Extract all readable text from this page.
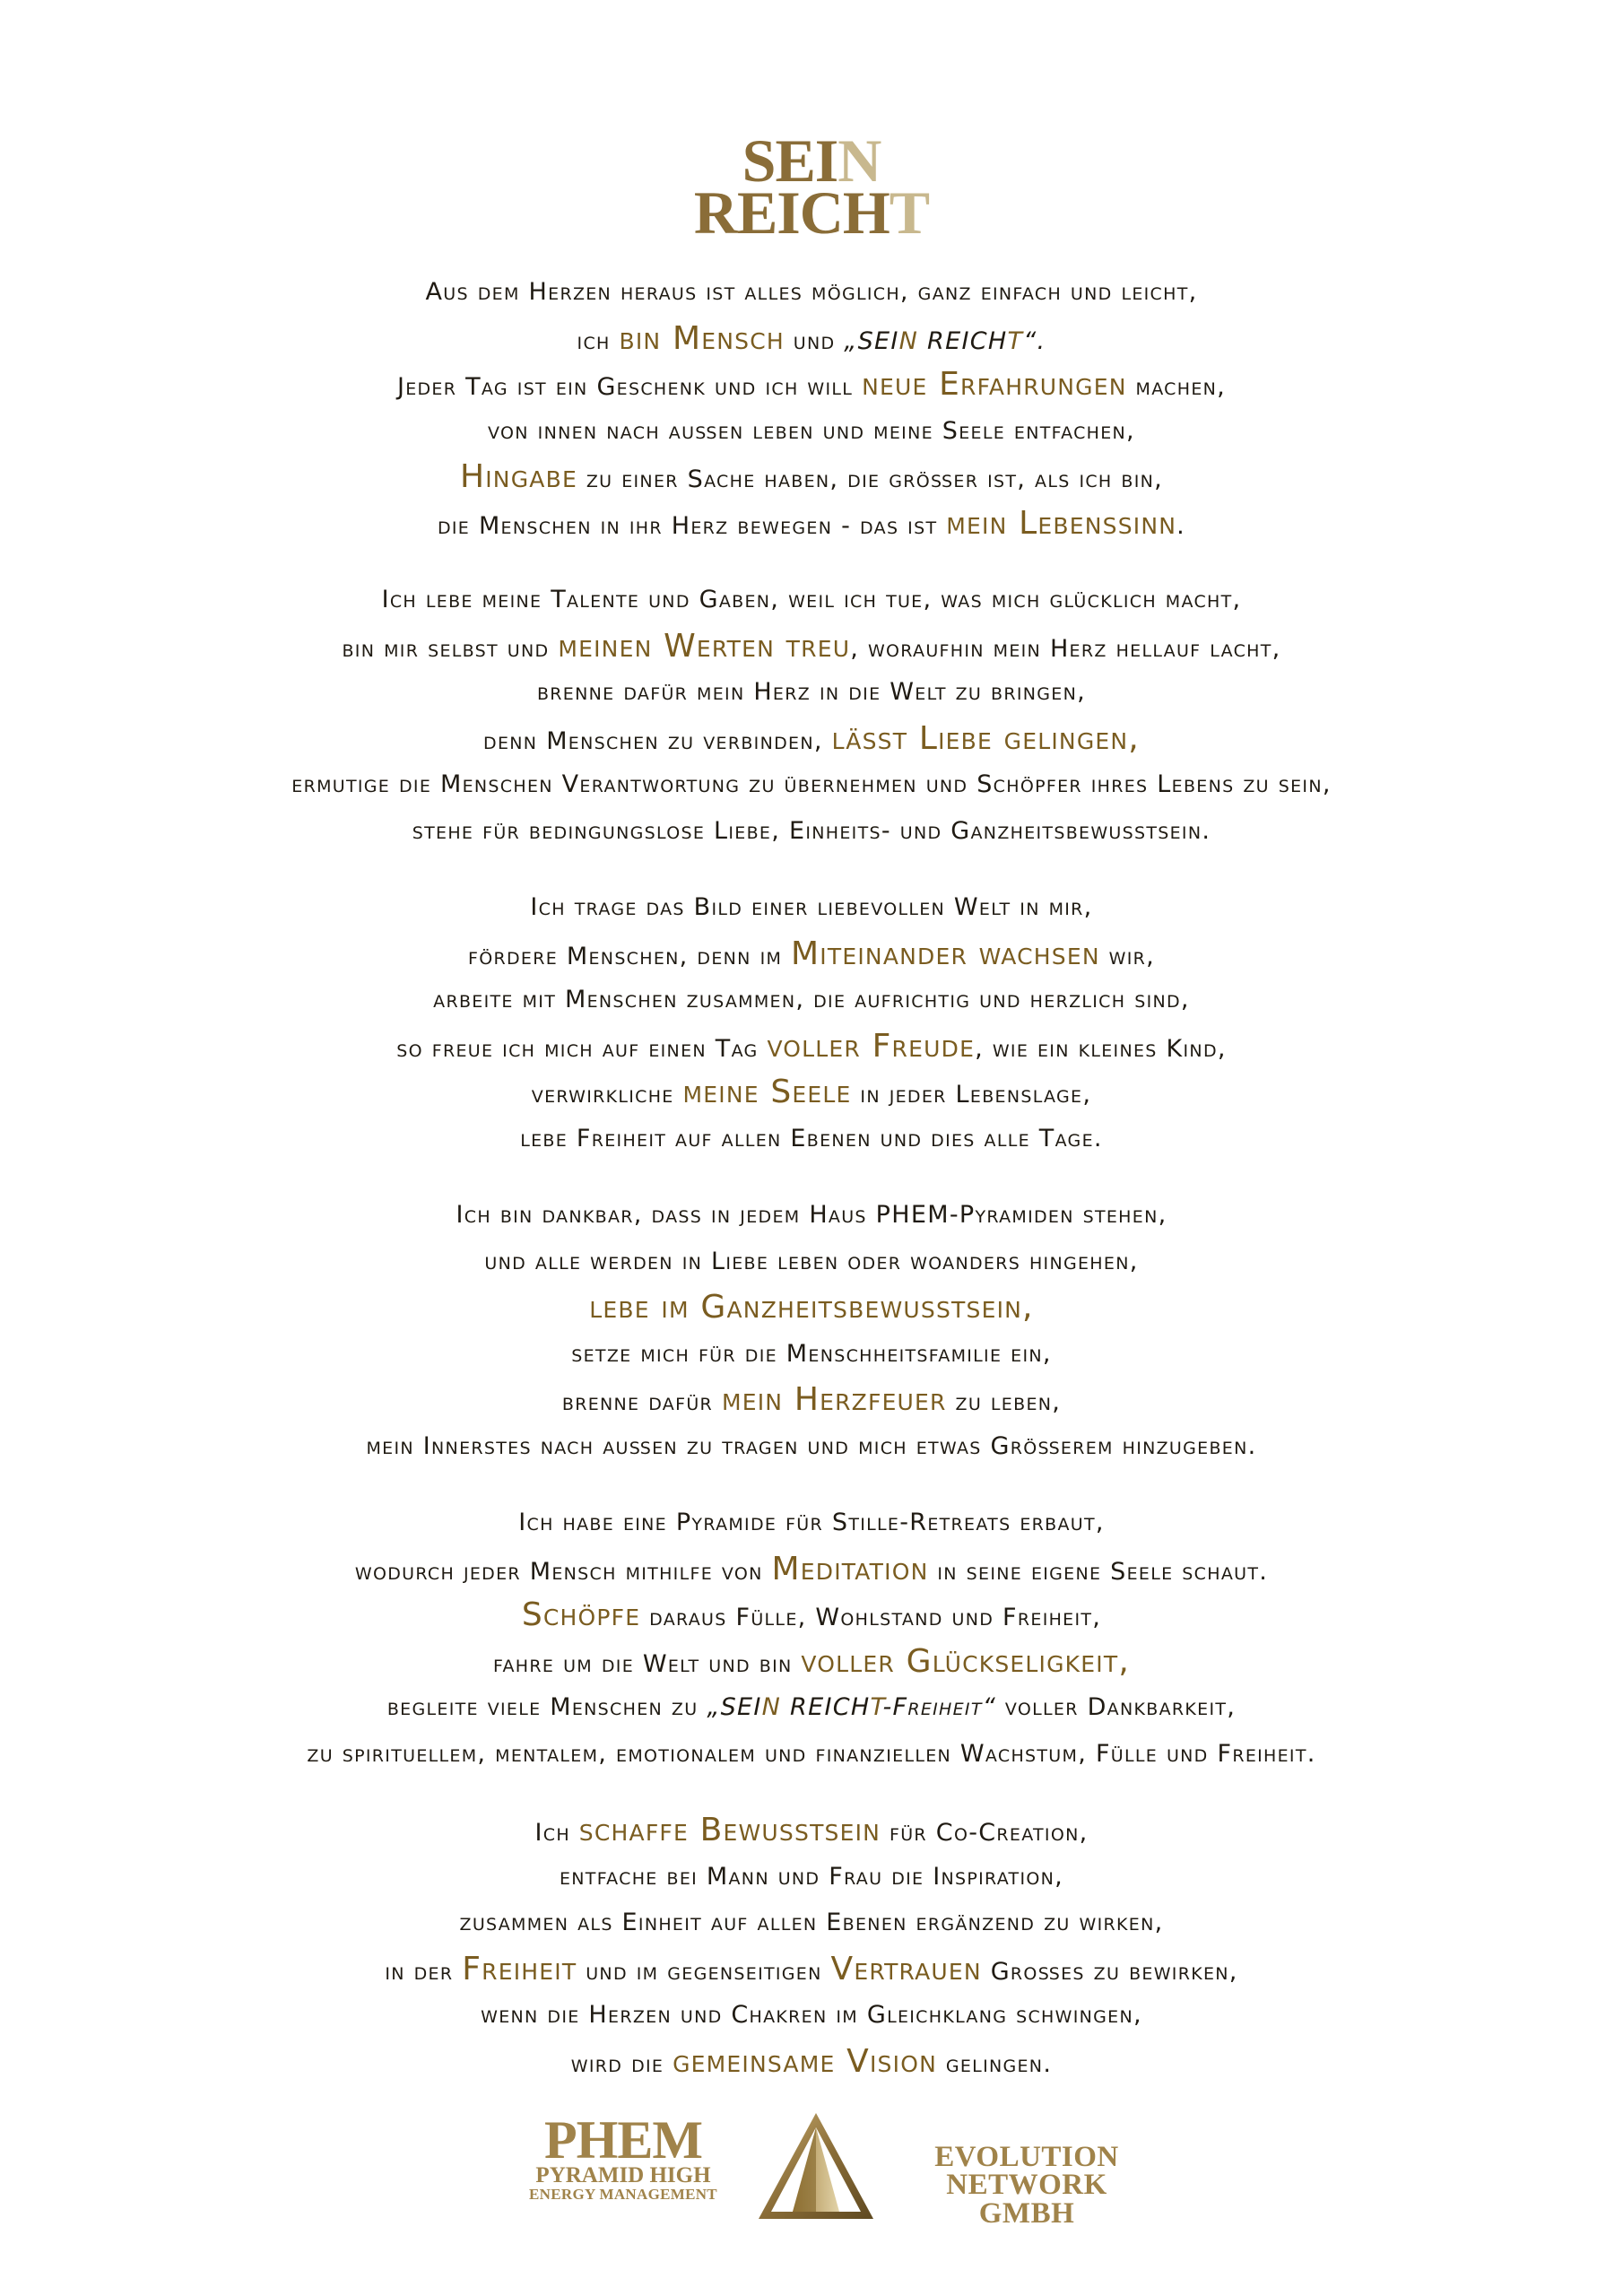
SEIN
REICHT
Aus dem Herzen heraus ist alles möglich, ganz einfach und leicht,
ich bin Mensch und „SEIN REICHT“.
Jeder Tag ist ein Geschenk und ich will neue Erfahrungen machen,
von innen nach außen leben und meine Seele entfachen,
Hingabe zu einer Sache haben, die größer ist, als ich bin,
die Menschen in ihr Herz bewegen - das ist mein Lebenssinn.
Ich lebe meine Talente und Gaben, weil ich tue, was mich glücklich macht,
bin mir selbst und meinen Werten treu, woraufhin mein Herz hellauf lacht,
brenne dafür mein Herz in die Welt zu bringen,
denn Menschen zu verbinden, lässt Liebe gelingen,
ermutige die Menschen Verantwortung zu übernehmen und Schöpfer ihres Lebens zu sein,
stehe für bedingungslose Liebe, Einheits- und Ganzheitsbewusstsein.
Ich trage das Bild einer liebevollen Welt in mir,
fördere Menschen, denn im Miteinander wachsen wir,
arbeite mit Menschen zusammen, die aufrichtig und herzlich sind,
so freue ich mich auf einen Tag voller Freude, wie ein kleines Kind,
verwirkliche meine Seele in jeder Lebenslage,
lebe Freiheit auf allen Ebenen und dies alle Tage.
Ich bin dankbar, dass in jedem Haus PHEM-Pyramiden stehen,
und alle werden in Liebe leben oder woanders hingehen,
lebe im Ganzheitsbewusstsein,
setze mich für die Menschheitsfamilie ein,
brenne dafür mein Herzfeuer zu leben,
mein Innerstes nach außen zu tragen und mich etwas Größerem hinzugeben.
Ich habe eine Pyramide für Stille-Retreats erbaut,
wodurch jeder Mensch mithilfe von Meditation in seine eigene Seele schaut.
Schöpfe daraus Fülle, Wohlstand und Freiheit,
fahre um die Welt und bin voller Glückseligkeit,
begleite viele Menschen zu „SEIN REICHT-Freiheit“ voller Dankbarkeit,
zu spirituellem, mentalem, emotionalem und finanziellen Wachstum, Fülle und Freiheit.
Ich schaffe Bewusstsein für Co-Creation,
entfache bei Mann und Frau die Inspiration,
zusammen als Einheit auf allen Ebenen ergänzend zu wirken,
in der Freiheit und im gegenseitigen Vertrauen Großes zu bewirken,
wenn die Herzen und Chakren im Gleichklang schwingen,
wird die gemeinsame Vision gelingen.
PHEM
PYRAMID HIGH
ENERGY MANAGEMENT
EVOLUTION
NETWORK GMBH
